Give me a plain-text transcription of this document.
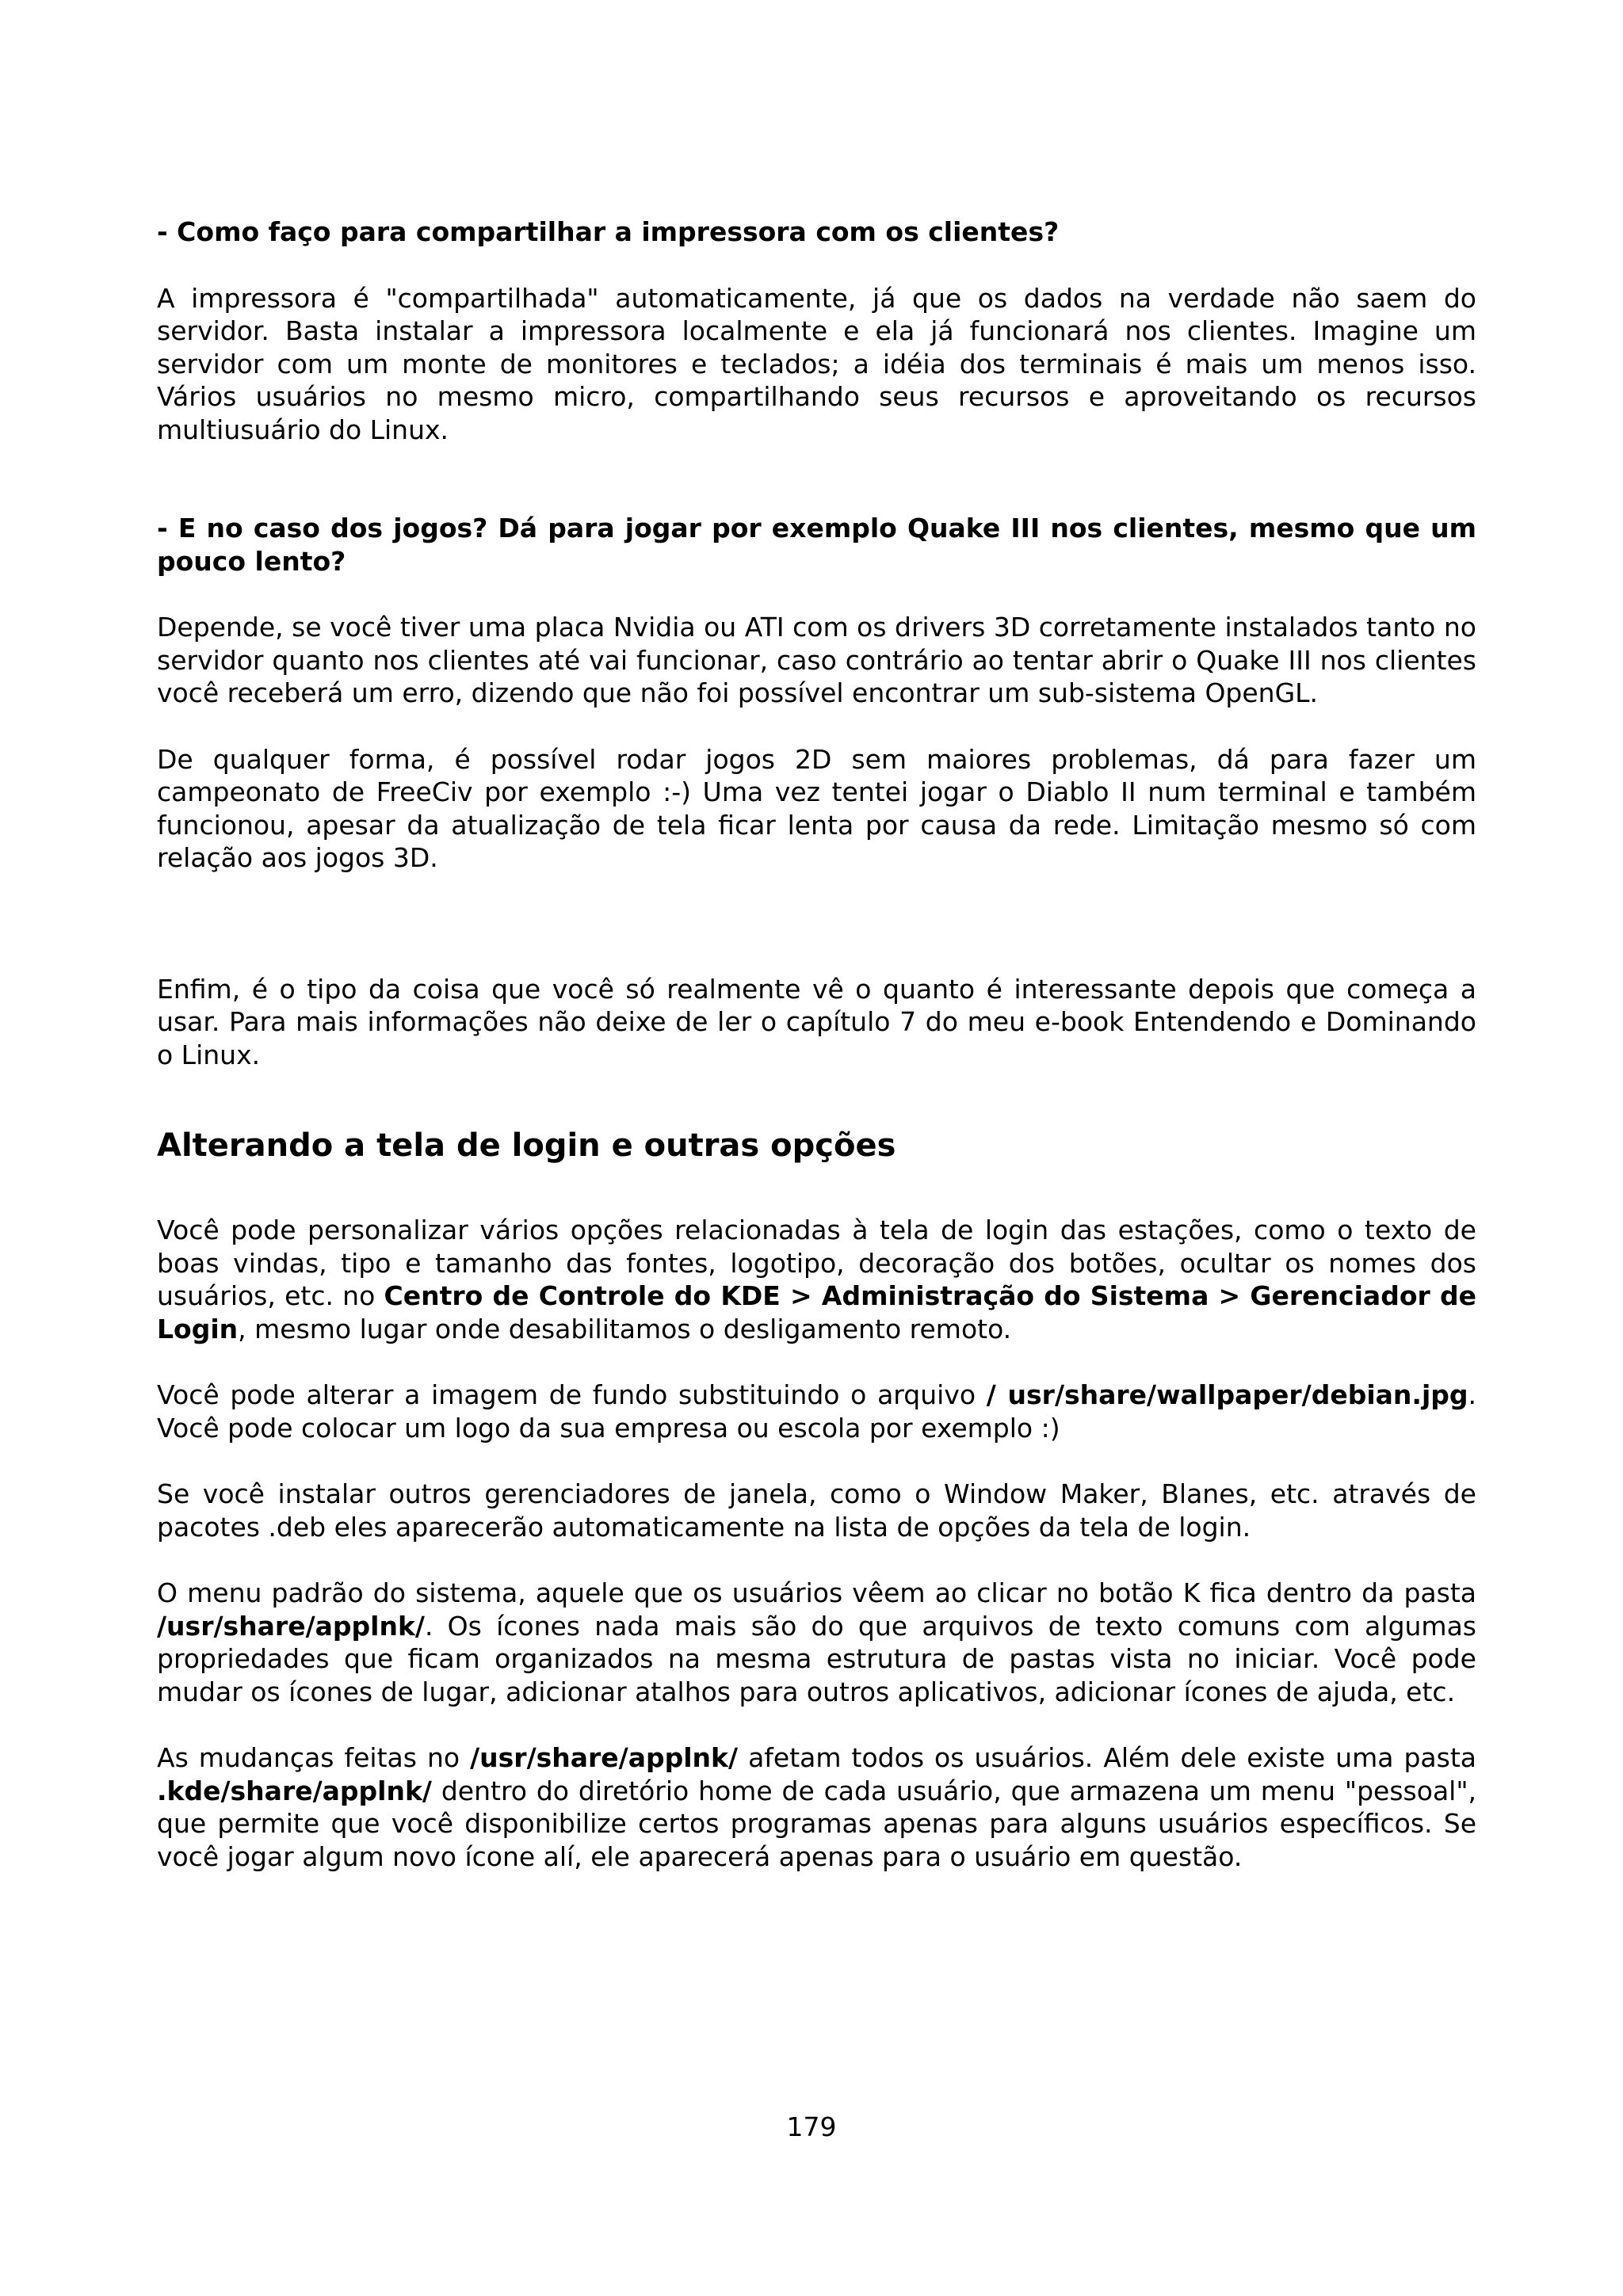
- Como faço para compartilhar a impressora com os clientes?

A impressora é "compartilhada" automaticamente, já que os dados na verdade não saem do servidor. Basta instalar a impressora localmente e ela já funcionará nos clientes. Imagine um servidor com um monte de monitores e teclados; a idéia dos terminais é mais um menos isso. Vários usuários no mesmo micro, compartilhando seus recursos e aproveitando os recursos multiusuário do Linux.

- E no caso dos jogos? Dá para jogar por exemplo Quake III nos clientes, mesmo que um pouco lento?

Depende, se você tiver uma placa Nvidia ou ATI com os drivers 3D corretamente instalados tanto no servidor quanto nos clientes até vai funcionar, caso contrário ao tentar abrir o Quake III nos clientes você receberá um erro, dizendo que não foi possível encontrar um sub-sistema OpenGL.

De qualquer forma, é possível rodar jogos 2D sem maiores problemas, dá para fazer um campeonato de FreeCiv por exemplo :-) Uma vez tentei jogar o Diablo II num terminal e também funcionou, apesar da atualização de tela ficar lenta por causa da rede. Limitação mesmo só com relação aos jogos 3D.

Enfim, é o tipo da coisa que você só realmente vê o quanto é interessante depois que começa a usar. Para mais informações não deixe de ler o capítulo 7 do meu e-book Entendendo e Dominando o Linux.

Alterando a tela de login e outras opções

Você pode personalizar vários opções relacionadas à tela de login das estações, como o texto de boas vindas, tipo e tamanho das fontes, logotipo, decoração dos botões, ocultar os nomes dos usuários, etc. no Centro de Controle do KDE > Administração do Sistema > Gerenciador de Login, mesmo lugar onde desabilitamos o desligamento remoto.

Você pode alterar a imagem de fundo substituindo o arquivo / usr/share/wallpaper/debian.jpg. Você pode colocar um logo da sua empresa ou escola por exemplo :)

Se você instalar outros gerenciadores de janela, como o Window Maker, Blanes, etc. através de pacotes .deb eles aparecerão automaticamente na lista de opções da tela de login.

O menu padrão do sistema, aquele que os usuários vêem ao clicar no botão K fica dentro da pasta /usr/share/applnk/. Os ícones nada mais são do que arquivos de texto comuns com algumas propriedades que ficam organizados na mesma estrutura de pastas vista no iniciar. Você pode mudar os ícones de lugar, adicionar atalhos para outros aplicativos, adicionar ícones de ajuda, etc.

As mudanças feitas no /usr/share/applnk/ afetam todos os usuários. Além dele existe uma pasta .kde/share/applnk/ dentro do diretório home de cada usuário, que armazena um menu "pessoal", que permite que você disponibilize certos programas apenas para alguns usuários específicos. Se você jogar algum novo ícone alí, ele aparecerá apenas para o usuário em questão.

179
